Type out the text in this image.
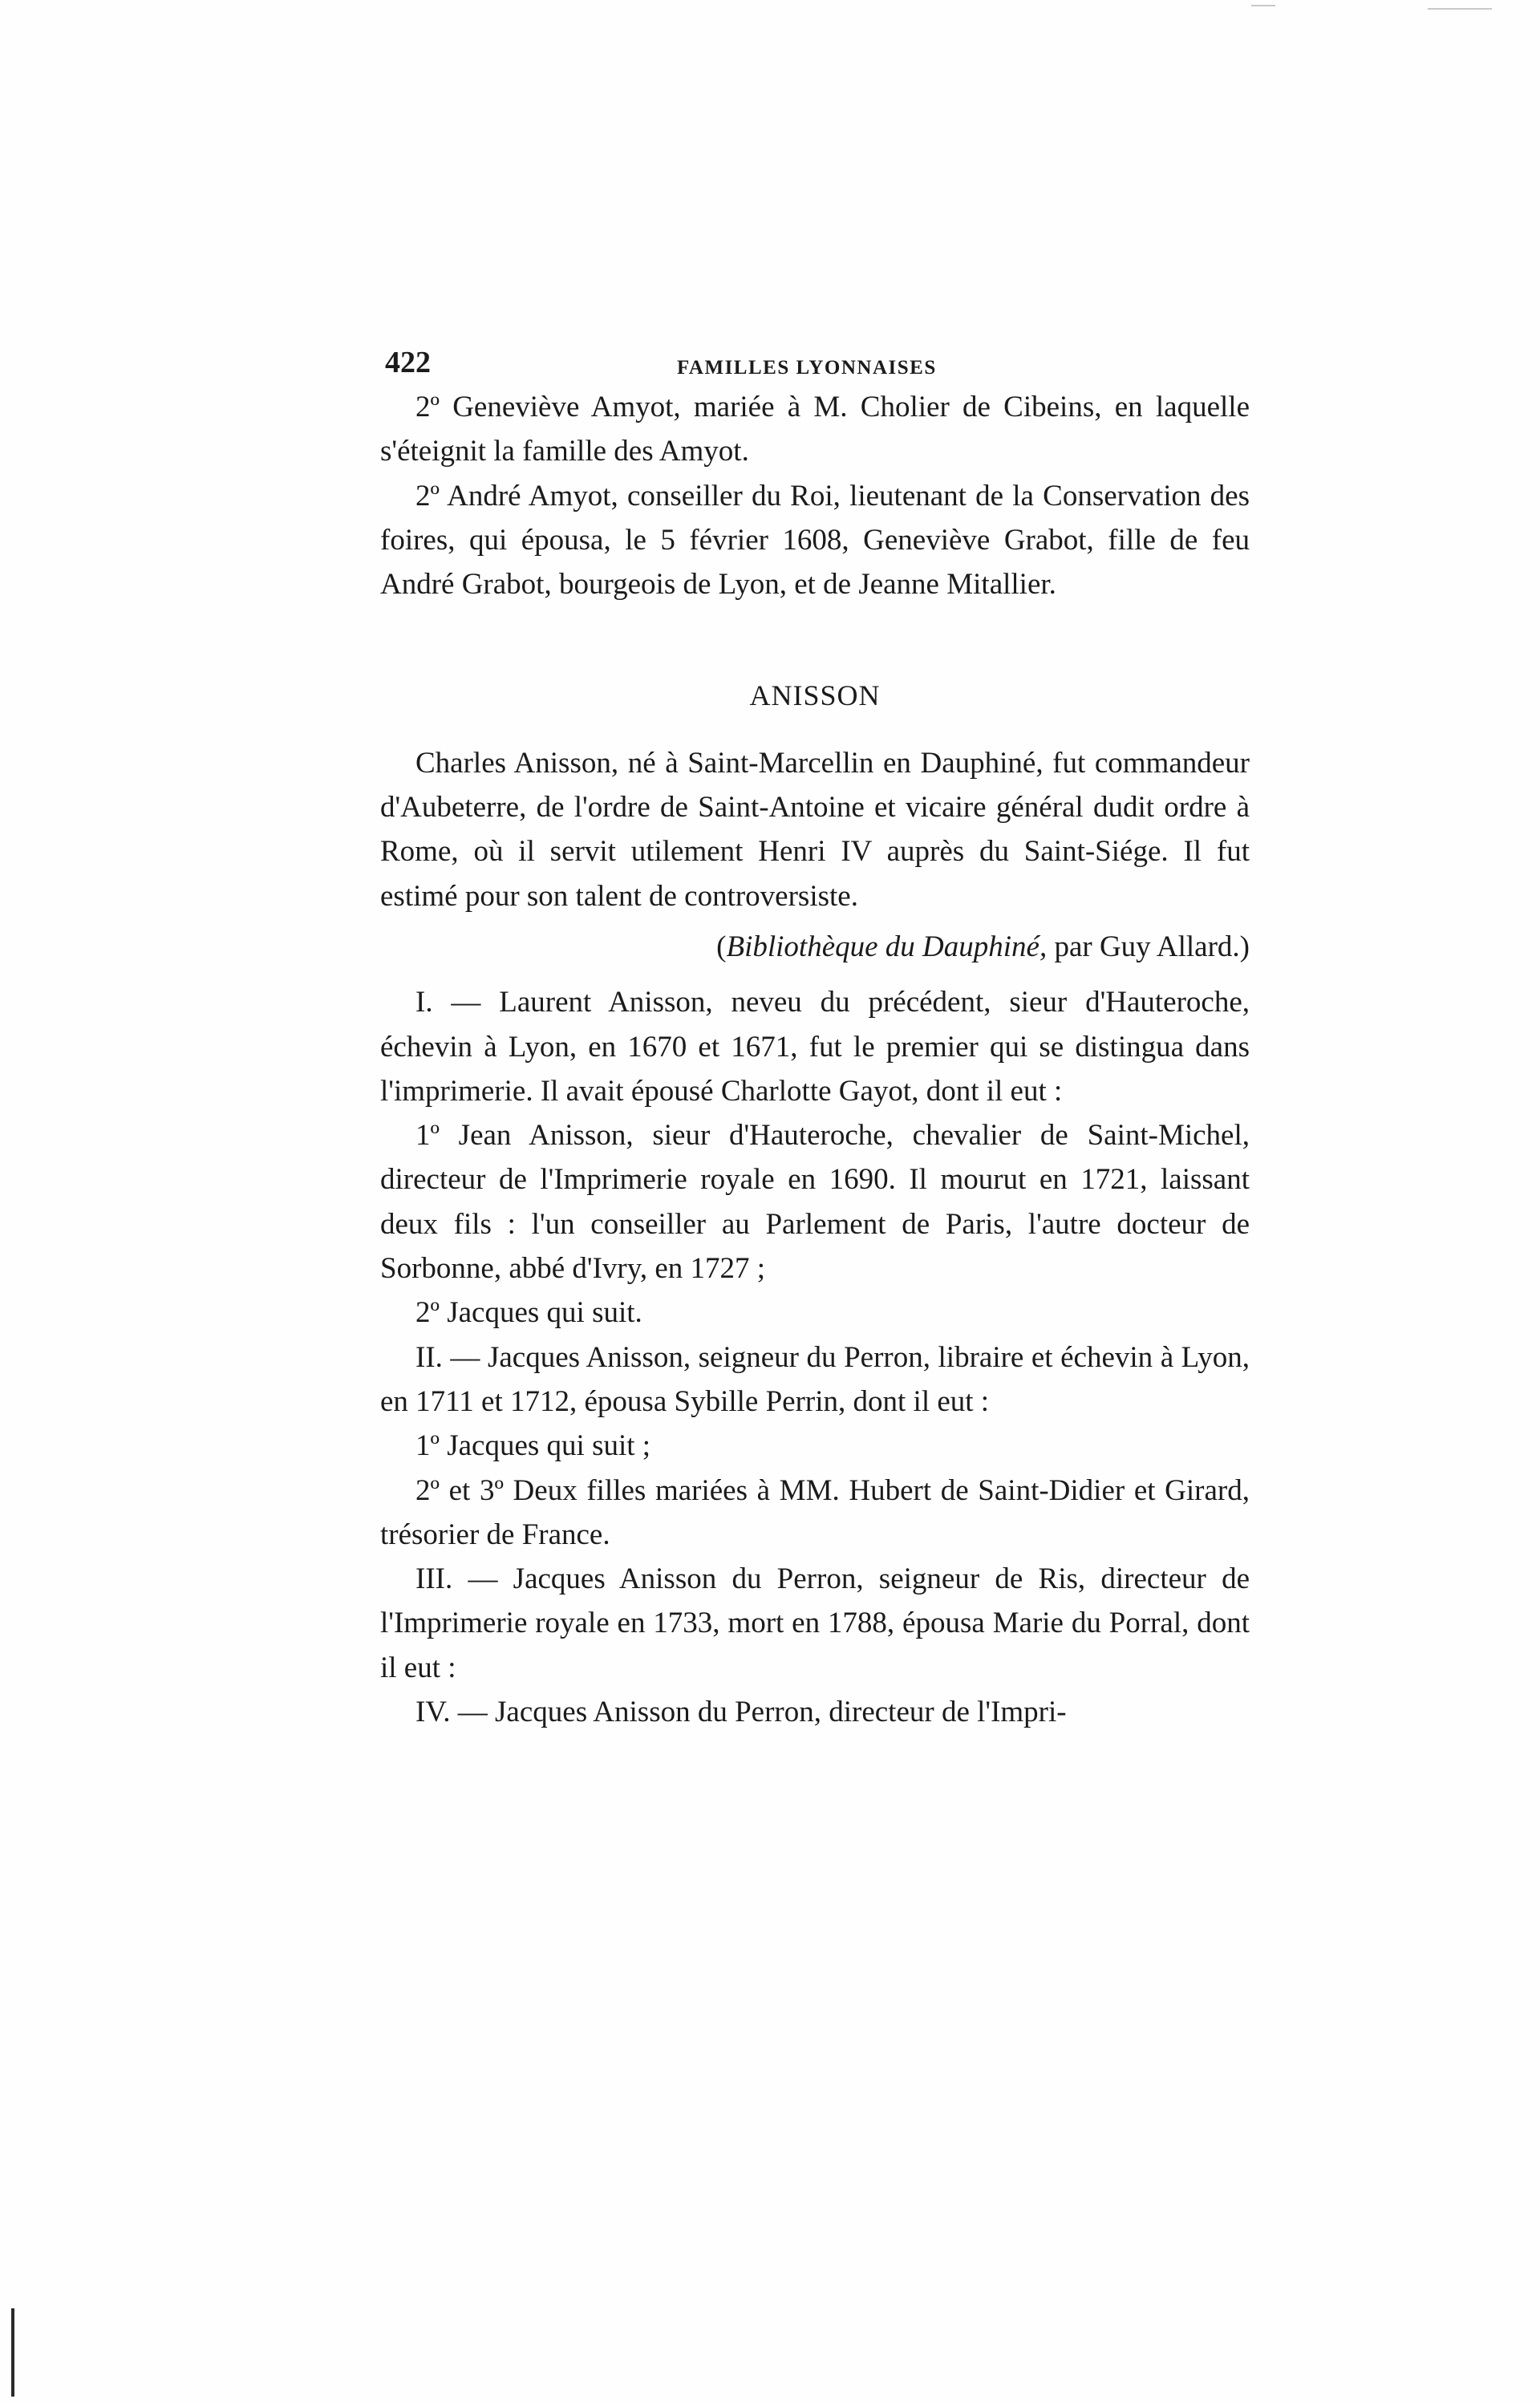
422	FAMILLES LYONNAISES

2º Geneviève Amyot, mariée à M. Cholier de Cibeins, en laquelle s'éteignit la famille des Amyot.

2º André Amyot, conseiller du Roi, lieutenant de la Conservation des foires, qui épousa, le 5 février 1608, Geneviève Grabot, fille de feu André Grabot, bourgeois de Lyon, et de Jeanne Mitallier.

ANISSON

Charles Anisson, né à Saint-Marcellin en Dauphiné, fut commandeur d'Aubeterre, de l'ordre de Saint-Antoine et vicaire général dudit ordre à Rome, où il servit utilement Henri IV auprès du Saint-Siége. Il fut estimé pour son talent de controversiste.

(Bibliothèque du Dauphiné, par Guy Allard.)

I. — Laurent Anisson, neveu du précédent, sieur d'Hauteroche, échevin à Lyon, en 1670 et 1671, fut le premier qui se distingua dans l'imprimerie. Il avait épousé Charlotte Gayot, dont il eut :

1º Jean Anisson, sieur d'Hauteroche, chevalier de Saint-Michel, directeur de l'Imprimerie royale en 1690. Il mourut en 1721, laissant deux fils : l'un conseiller au Parlement de Paris, l'autre docteur de Sorbonne, abbé d'Ivry, en 1727 ;

2º Jacques qui suit.

II. — Jacques Anisson, seigneur du Perron, libraire et échevin à Lyon, en 1711 et 1712, épousa Sybille Perrin, dont il eut :

1º Jacques qui suit ;

2º et 3º Deux filles mariées à MM. Hubert de Saint-Didier et Girard, trésorier de France.

III. — Jacques Anisson du Perron, seigneur de Ris, directeur de l'Imprimerie royale en 1733, mort en 1788, épousa Marie du Porral, dont il eut :

IV. — Jacques Anisson du Perron, directeur de l'Impri-
